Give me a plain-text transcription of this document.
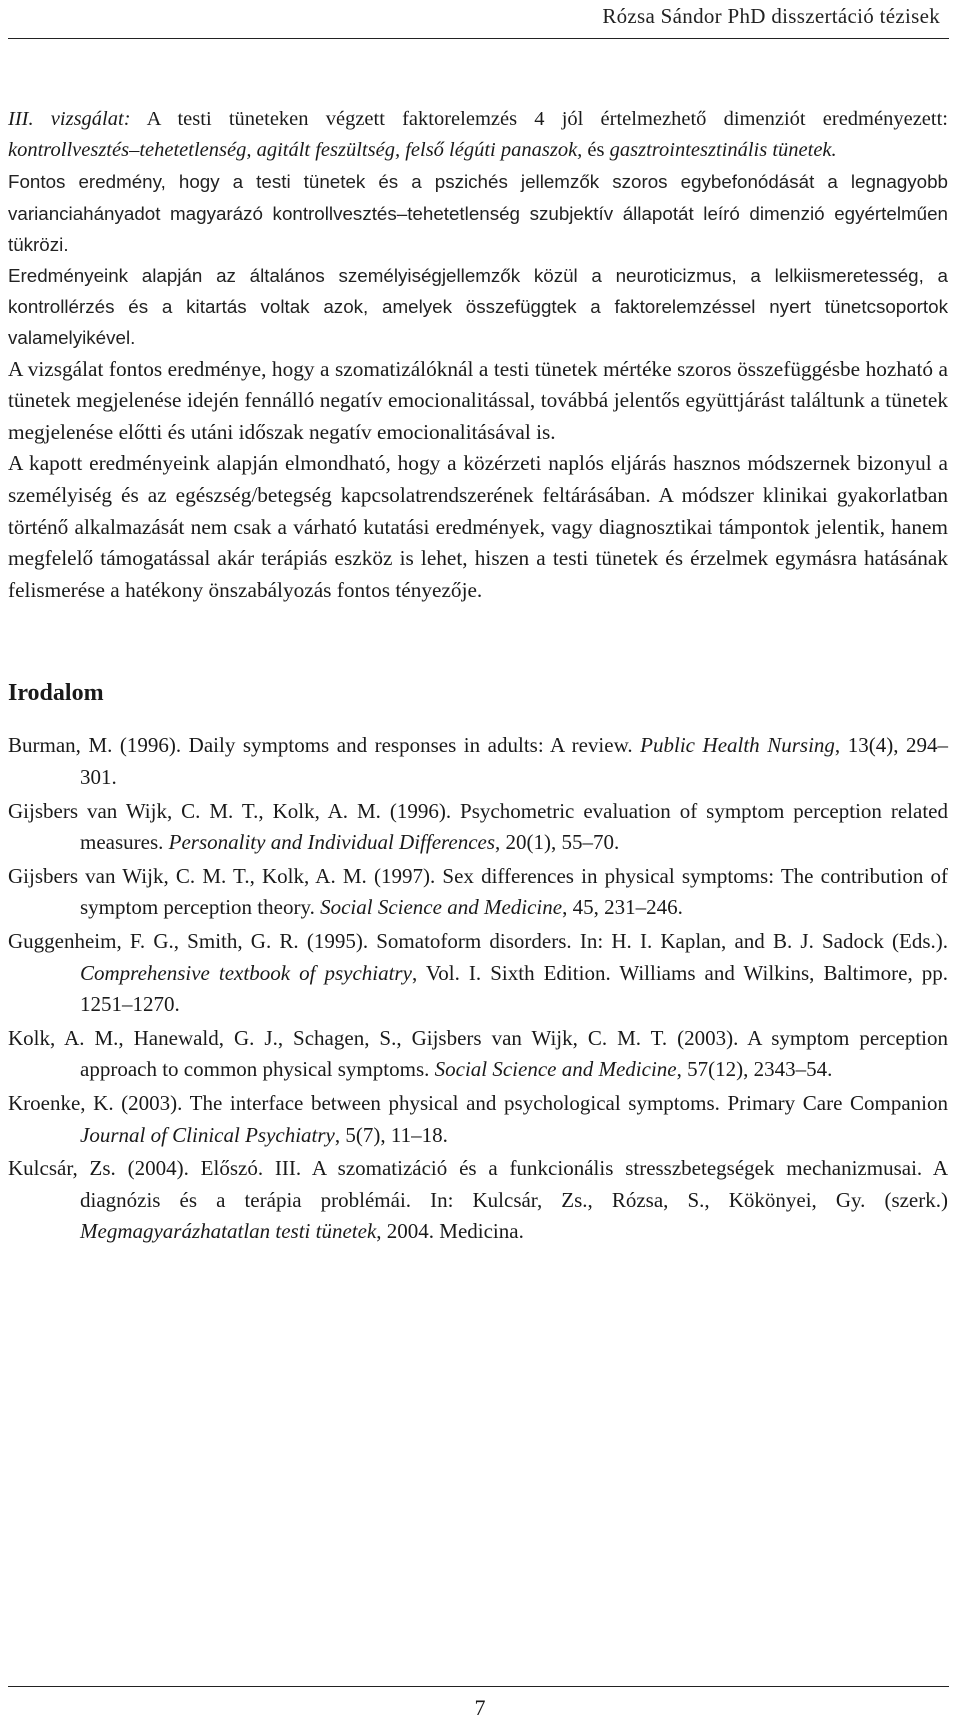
Rózsa Sándor PhD disszertáció tézisek

III. vizsgálat: A testi tüneteken végzett faktorelemzés 4 jól értelmezhető dimenziót eredményezett: kontrollvesztés–tehetetlenség, agitált feszültség, felső légúti panaszok, és gasztrointesztinális tünetek.

Fontos eredmény, hogy a testi tünetek és a pszichés jellemzők szoros egybefonódását a legnagyobb varianciahányadot magyarázó kontrollvesztés–tehetetlenség szubjektív állapotát leíró dimenzió egyértelműen tükrözi.

Eredményeink alapján az általános személyiségjellemzők közül a neuroticizmus, a lelkiismeretesség, a kontrollérzés és a kitartás voltak azok, amelyek összefüggtek a faktorelemzéssel nyert tünetcsoportok valamelyikével.

A vizsgálat fontos eredménye, hogy a szomatizálóknál a testi tünetek mértéke szoros összefüggésbe hozható a tünetek megjelenése idején fennálló negatív emocionalitással, továbbá jelentős együttjárást találtunk a tünetek megjelenése előtti és utáni időszak negatív emocionalitásával is.

A kapott eredményeink alapján elmondható, hogy a közérzeti naplós eljárás hasznos módszernek bizonyul a személyiség és az egészség/betegség kapcsolatrendszerének feltárásában. A módszer klinikai gyakorlatban történő alkalmazását nem csak a várható kutatási eredmények, vagy diagnosztikai támpontok jelentik, hanem megfelelő támogatással akár terápiás eszköz is lehet, hiszen a testi tünetek és érzelmek egymásra hatásának felismerése a hatékony önszabályozás fontos tényezője.

Irodalom

Burman, M. (1996). Daily symptoms and responses in adults: A review. Public Health Nursing, 13(4), 294–301.

Gijsbers van Wijk, C. M. T., Kolk, A. M. (1996). Psychometric evaluation of symptom perception related measures. Personality and Individual Differences, 20(1), 55–70.

Gijsbers van Wijk, C. M. T., Kolk, A. M. (1997). Sex differences in physical symptoms: The contribution of symptom perception theory. Social Science and Medicine, 45, 231–246.

Guggenheim, F. G., Smith, G. R. (1995). Somatoform disorders. In: H. I. Kaplan, and B. J. Sadock (Eds.). Comprehensive textbook of psychiatry, Vol. I. Sixth Edition. Williams and Wilkins, Baltimore, pp. 1251–1270.

Kolk, A. M., Hanewald, G. J., Schagen, S., Gijsbers van Wijk, C. M. T. (2003). A symptom perception approach to common physical symptoms. Social Science and Medicine, 57(12), 2343–54.

Kroenke, K. (2003). The interface between physical and psychological symptoms. Primary Care Companion Journal of Clinical Psychiatry, 5(7), 11–18.

Kulcsár, Zs. (2004). Előszó. III. A szomatizáció és a funkcionális stresszbetegségek mechanizmusai. A diagnózis és a terápia problémái. In: Kulcsár, Zs., Rózsa, S., Kökönyei, Gy. (szerk.) Megmagyarázhatatlan testi tünetek, 2004. Medicina.

7
